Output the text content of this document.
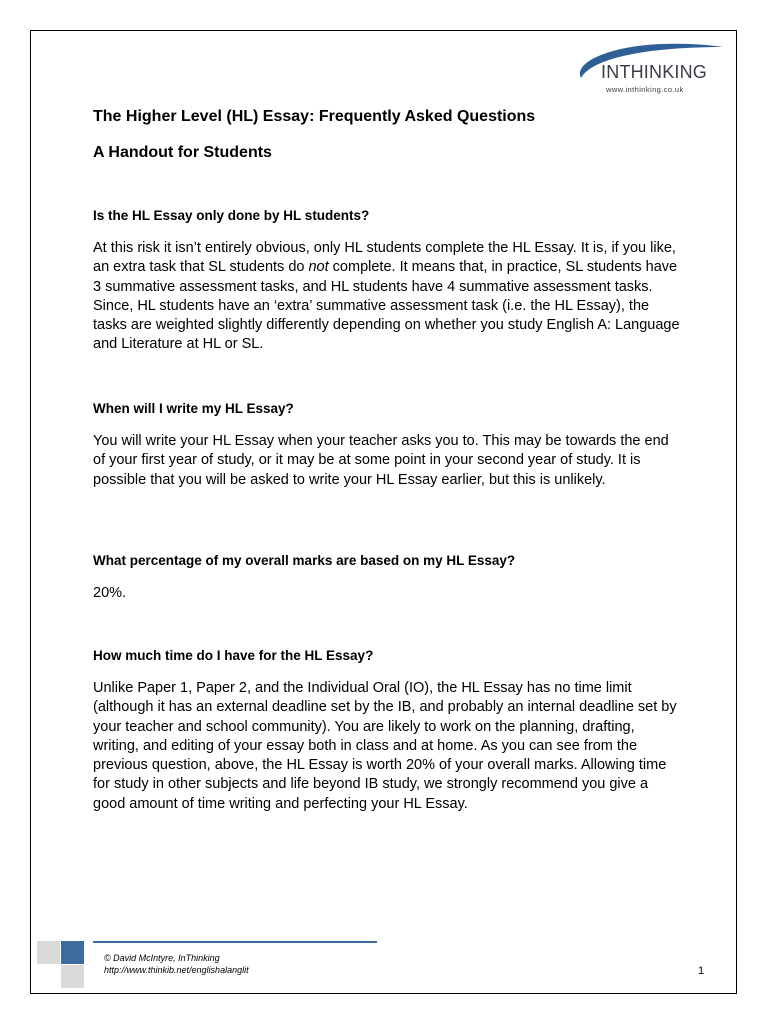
INTHINKING
www.inthinking.co.uk
The Higher Level (HL) Essay: Frequently Asked Questions
A Handout for Students
Is the HL Essay only done by HL students?

At this risk it isn’t entirely obvious, only HL students complete the HL Essay. It is, if you like, an extra task that SL students do not complete. It means that, in practice, SL students have 3 summative assessment tasks, and HL students have 4 summative assessment tasks. Since, HL students have an ‘extra’ summative assessment task (i.e. the HL Essay), the tasks are weighted slightly differently depending on whether you study English A: Language and Literature at HL or SL.

When will I write my HL Essay?

You will write your HL Essay when your teacher asks you to. This may be towards the end of your first year of study, or it may be at some point in your second year of study. It is possible that you will be asked to write your HL Essay earlier, but this is unlikely.

What percentage of my overall marks are based on my HL Essay?

20%.

How much time do I have for the HL Essay?

Unlike Paper 1, Paper 2, and the Individual Oral (IO), the HL Essay has no time limit (although it has an external deadline set by the IB, and probably an internal deadline set by your teacher and school community). You are likely to work on the planning, drafting, writing, and editing of your essay both in class and at home. As you can see from the previous question, above, the HL Essay is worth 20% of your overall marks. Allowing time for study in other subjects and life beyond IB study, we strongly recommend you give a good amount of time writing and perfecting your HL Essay.

© David McIntyre, InThinking
http://www.thinkib.net/englishalanglit	1
